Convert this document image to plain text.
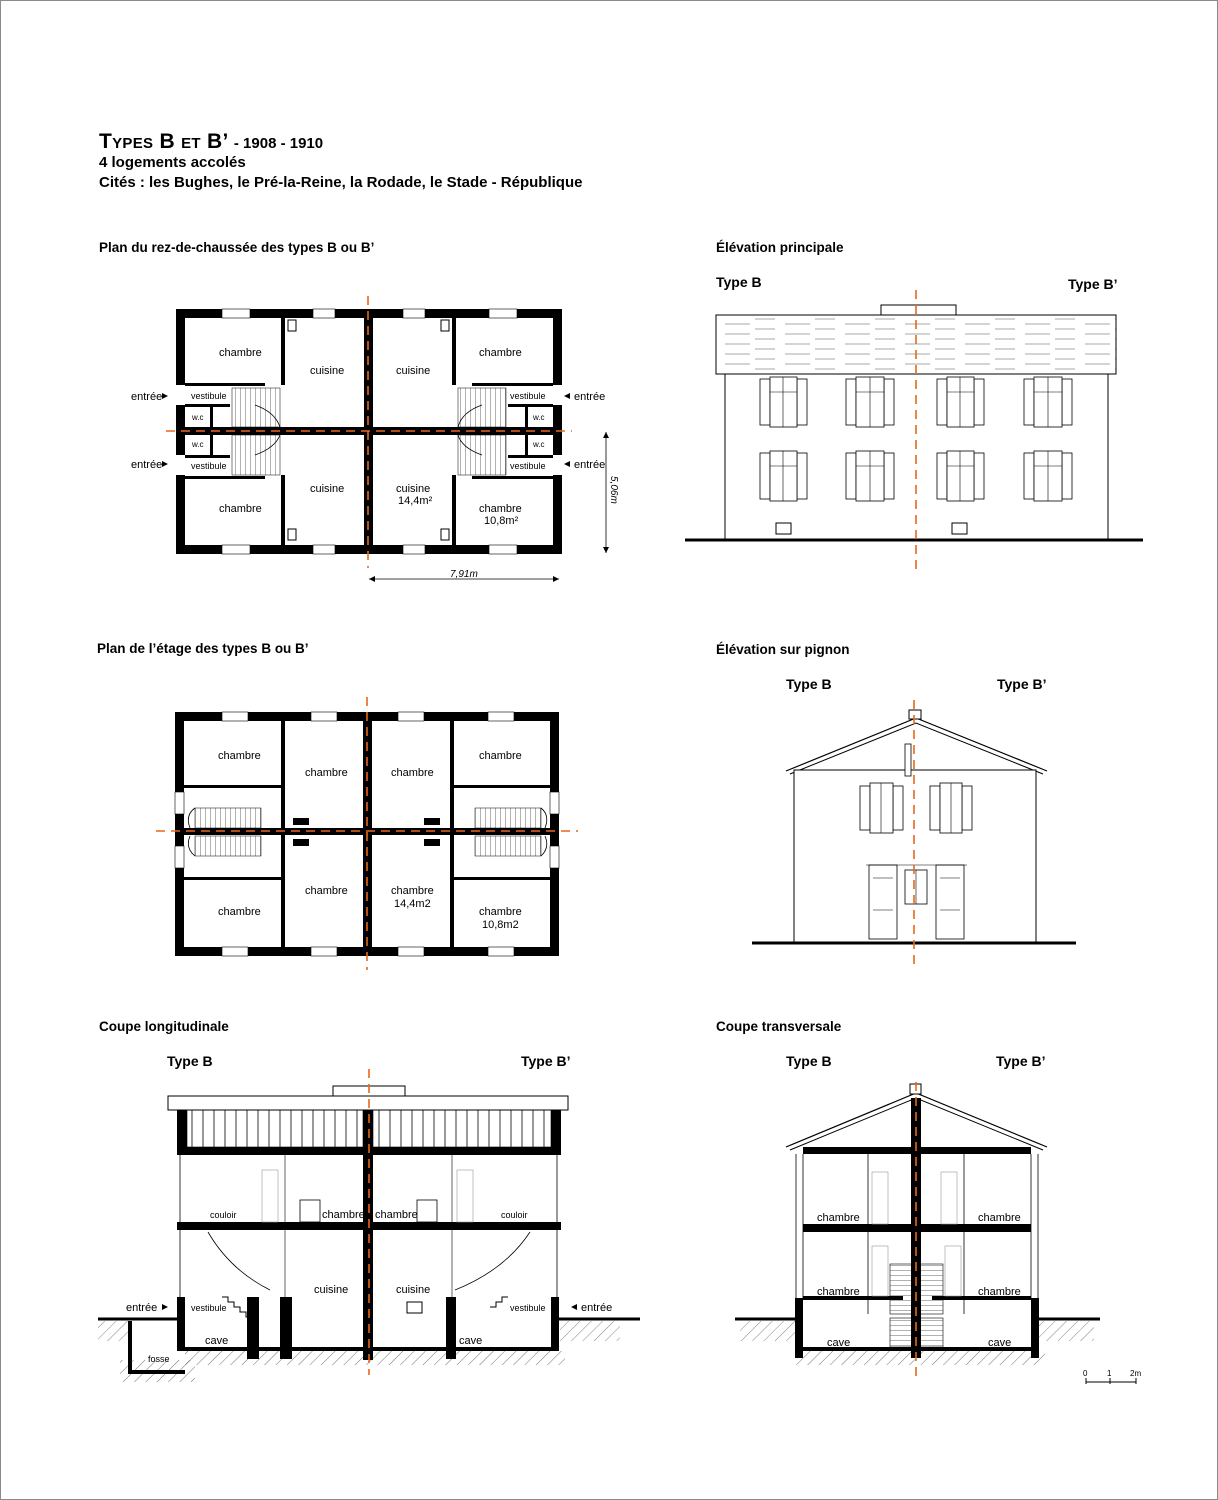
Types B et B’ - 1908 - 1910
4 logements accolés
Cités : les Bughes, le Pré-la-Reine, la Rodade, le Stade - République
Plan du rez-de-chaussée des types B ou B’
Plan de l’étage des types B ou B’
Coupe longitudinale
Élévation principale
Élévation sur pignon
Coupe transversale
Type B	Type B’
Type B	Type B’
Type B	Type B’	Type B	Type B’
chambre
cuisine	cuisine
chambre
chambre
cuisine	cuisine
14,4m²
chambre
10,8m²
vestibule	vestibule
vestibule	vestibule
w.c	w.c
w.c	w.c
entrée
entrée
entrée
entrée
7,91m
5,06m
chambre
chambre	chambre
chambre
chambre
chambre	chambre
14,4m2
chambre
10,8m2
entrée	entrée
vestibule	vestibule
cave	cave
fosse
cuisine	cuisine
couloir	couloir
chambre chambre	chambre	chambre
chambre	chambre
cave	cave
0 1 2m
